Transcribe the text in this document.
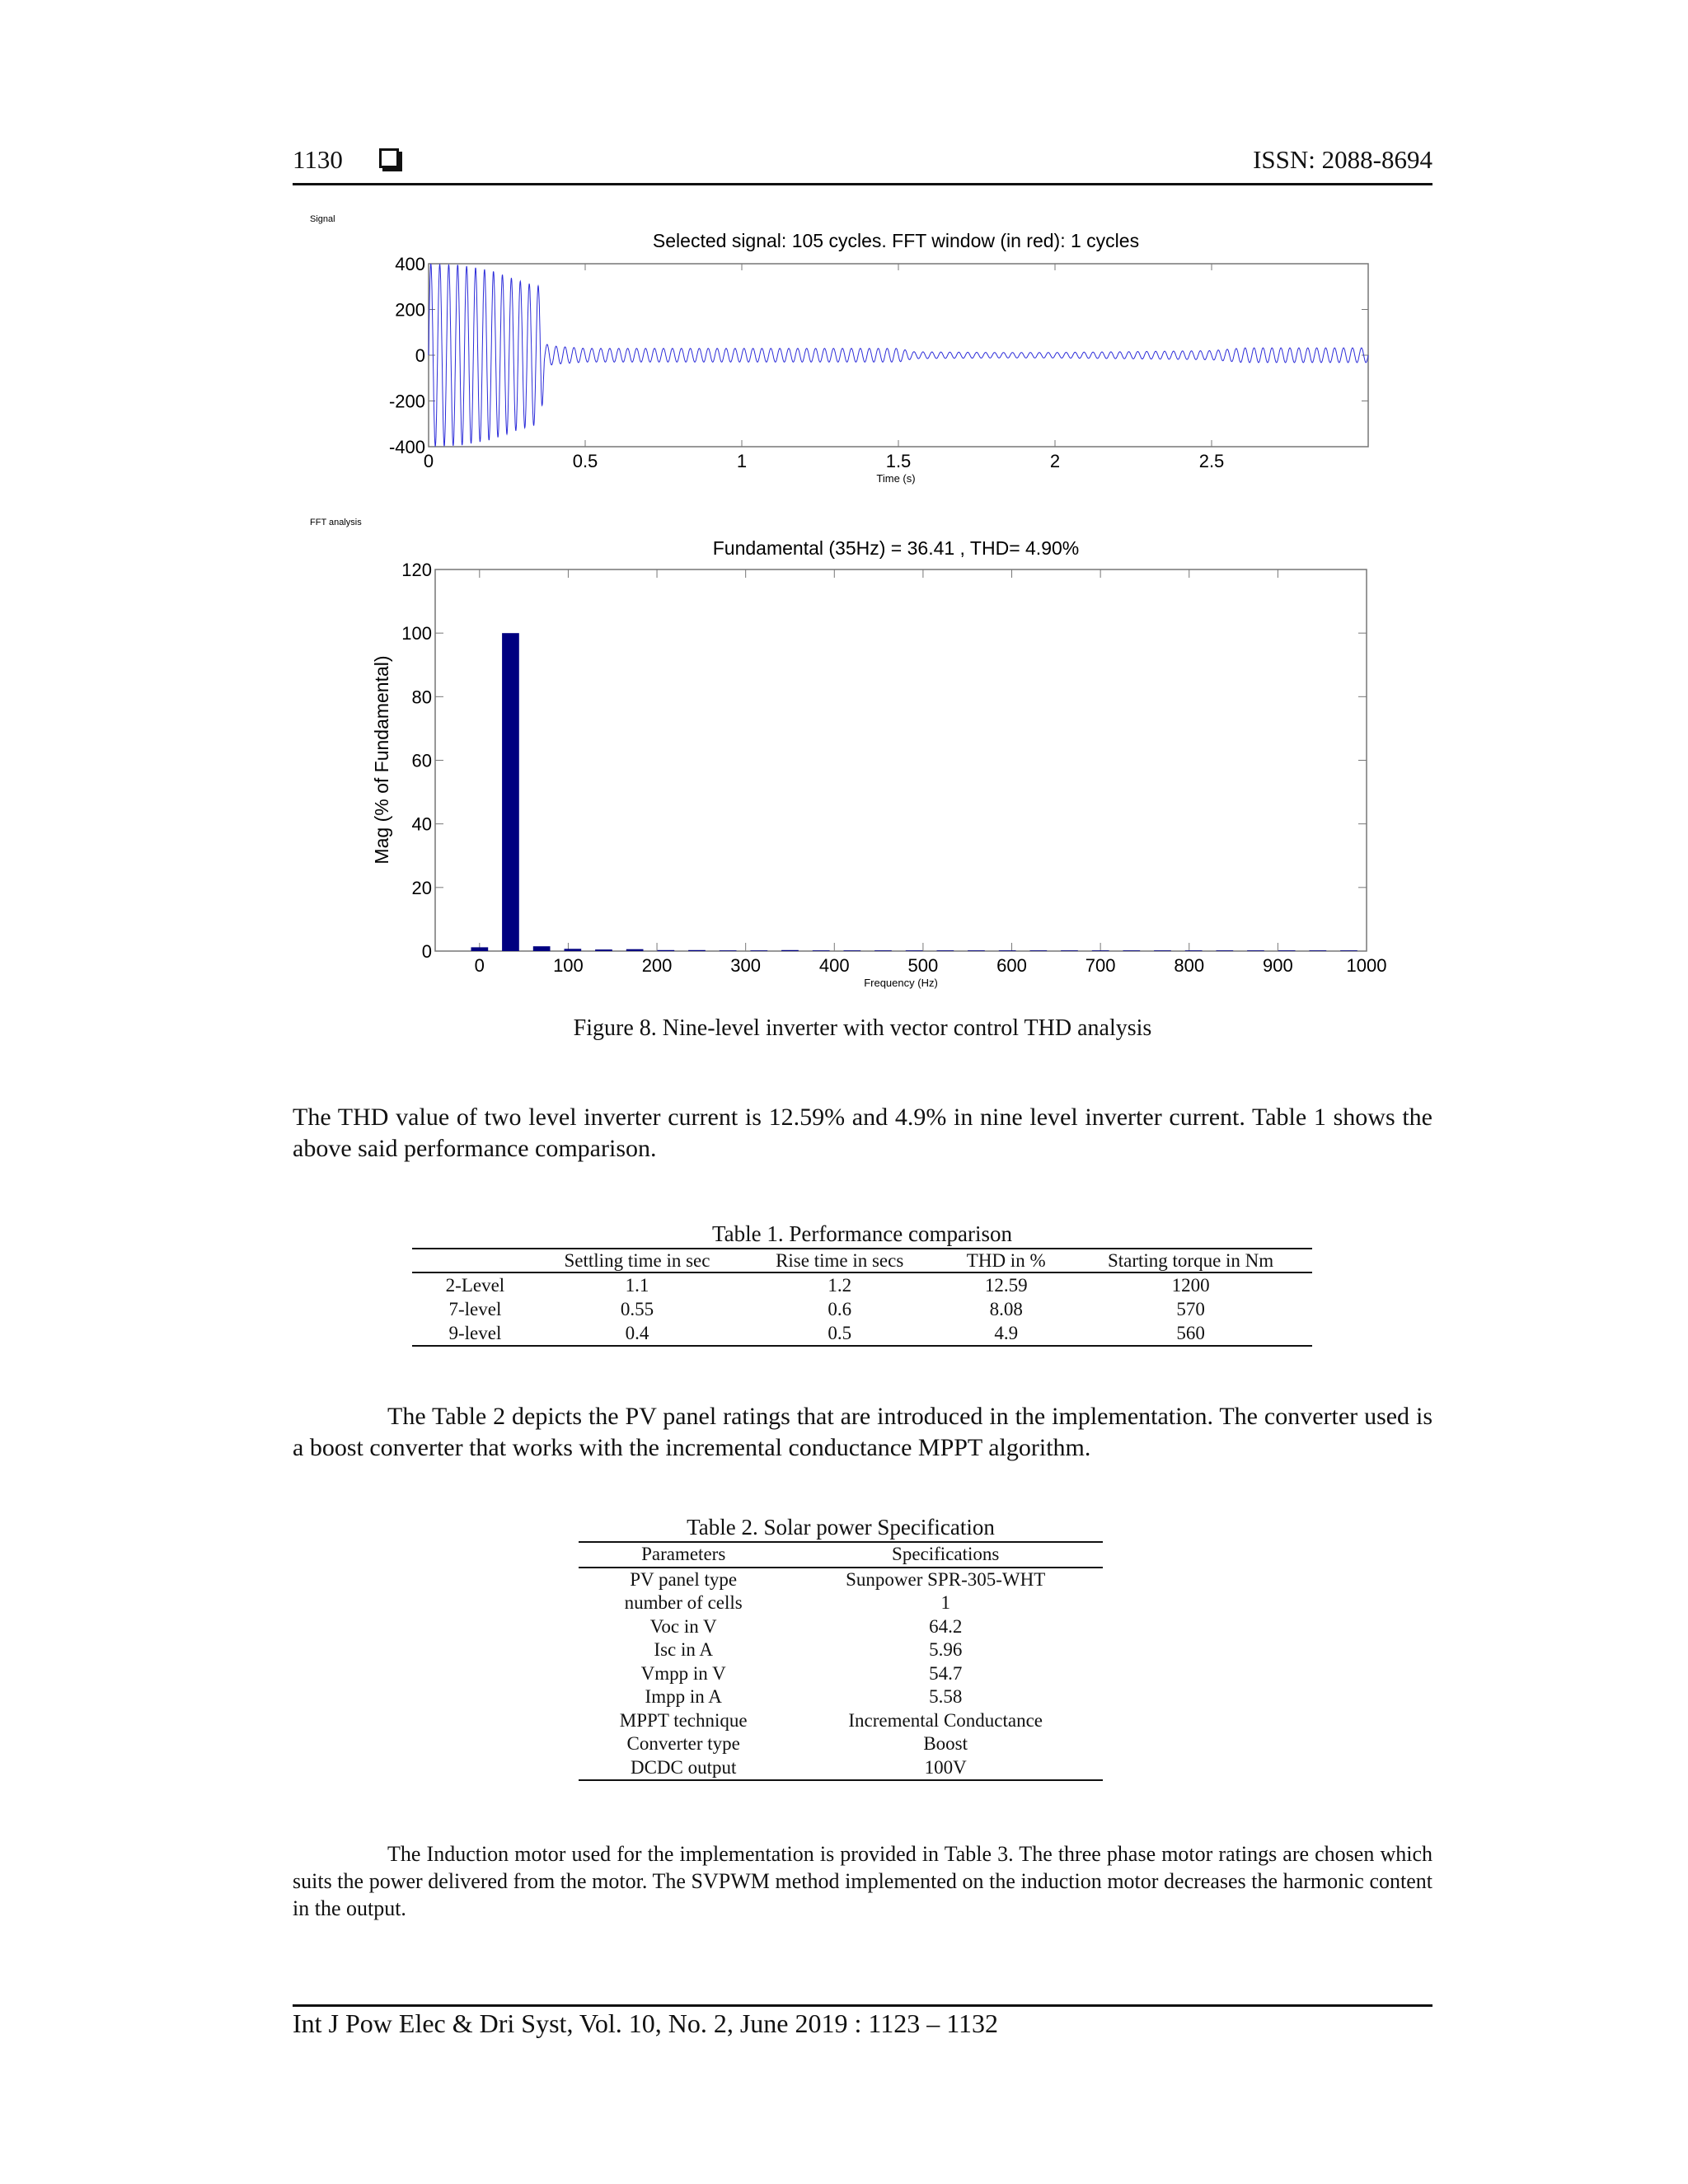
1130	ISSN: 2088-8694
Signal
Selected signal: 105 cycles. FFT window (in red): 1 cycles
400
200
0
-200
-400
0	0.5	1	1.5	2	2.5
Time (s)
FFT analysis
Fundamental (35Hz) = 36.41 , THD= 4.90%
120
100
80
60
40
20
0
0	100	200	300	400	500	600	700	800	900	1000
Mag (% of Fundamental)
Frequency (Hz)
Figure 8. Nine-level inverter with vector control THD analysis
The THD value of two level inverter current is 12.59% and 4.9% in nine level inverter current. Table 1 shows the above said performance comparison.
Table 1. Performance comparison
	Settling time in sec	Rise time in secs	THD in %	Starting torque in Nm
2-Level	1.1	1.2	12.59	1200
7-level	0.55	0.6	8.08	570
9-level	0.4	0.5	4.9	560
The Table 2 depicts the PV panel ratings that are introduced in the implementation. The converter used is a boost converter that works with the incremental conductance MPPT algorithm.
Table 2. Solar power Specification
Parameters	Specifications
PV panel type	Sunpower SPR-305-WHT
number of cells	1
Voc in V	64.2
Isc in A	5.96
Vmpp in V	54.7
Impp in A	5.58
MPPT technique	Incremental Conductance
Converter type	Boost
DCDC output	100V
The Induction motor used for the implementation is provided in Table 3. The three phase motor ratings are chosen which suits the power delivered from the motor. The SVPWM method implemented on the induction motor decreases the harmonic content in the output.
Int J Pow Elec & Dri Syst, Vol. 10, No. 2, June 2019 : 1123 – 1132
